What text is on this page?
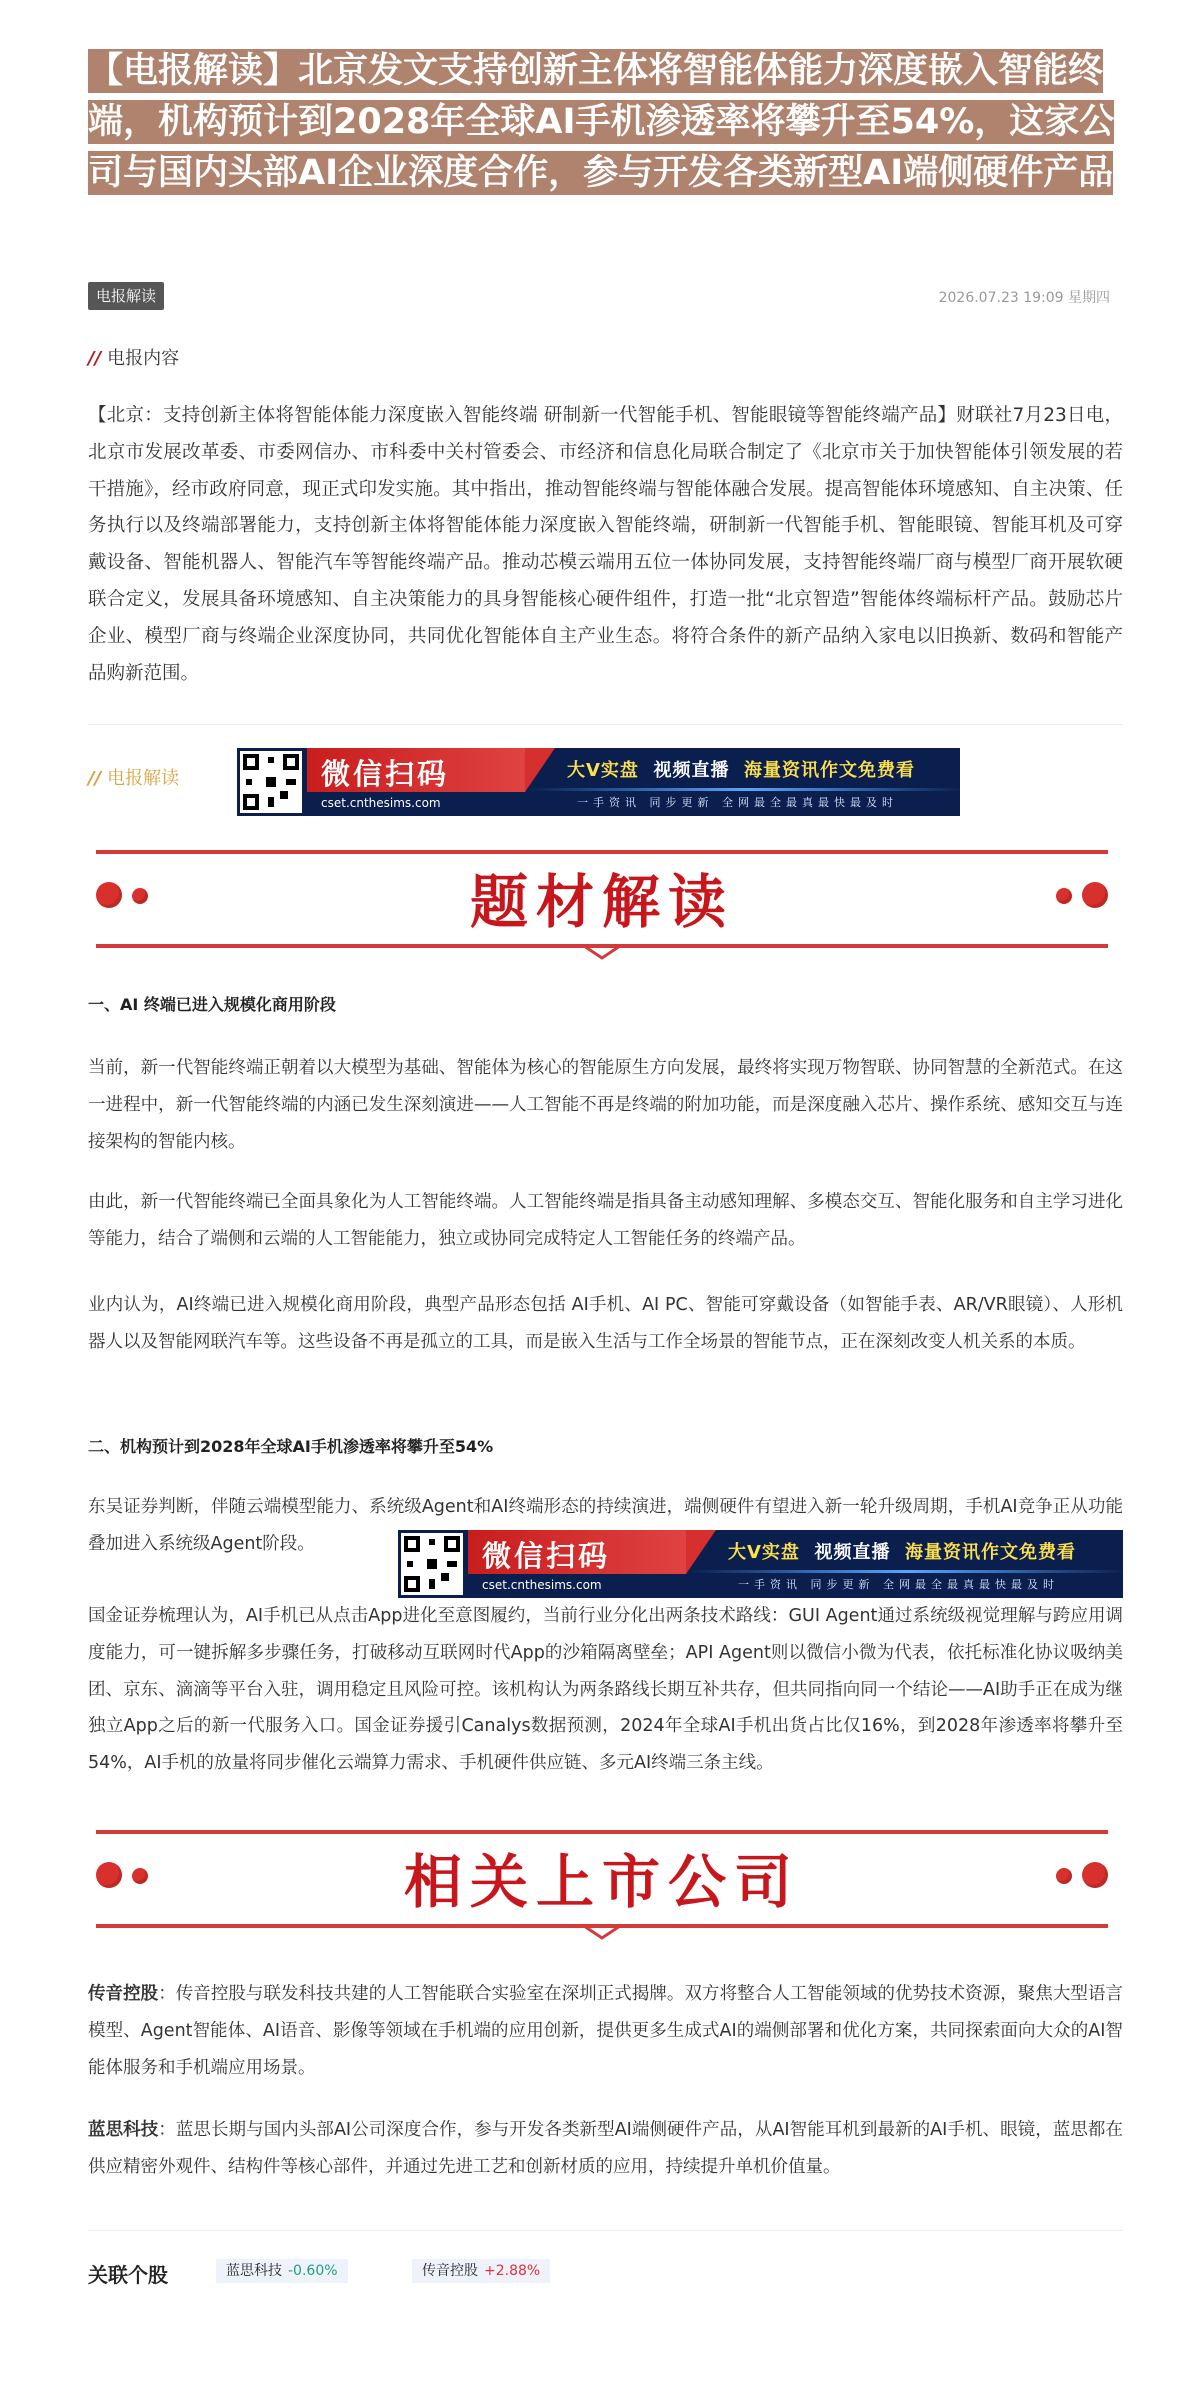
【电报解读】北京发文支持创新主体将智能体能力深度嵌入智能终端，机构预计到2028年全球AI手机渗透率将攀升至54%，这家公司与国内头部AI企业深度合作，参与开发各类新型AI端侧硬件产品
电报解读	2026.07.23 19:09 星期四
// 电报内容

【北京：支持创新主体将智能体能力深度嵌入智能终端 研制新一代智能手机、智能眼镜等智能终端产品】财联社7月23日电，北京市发展改革委、市委网信办、市科委中关村管委会、市经济和信息化局联合制定了《北京市关于加快智能体引领发展的若干措施》，经市政府同意，现正式印发实施。其中指出，推动智能终端与智能体融合发展。提高智能体环境感知、自主决策、任务执行以及终端部署能力，支持创新主体将智能体能力深度嵌入智能终端，研制新一代智能手机、智能眼镜、智能耳机及可穿戴设备、智能机器人、智能汽车等智能终端产品。推动芯模云端用五位一体协同发展，支持智能终端厂商与模型厂商开展软硬联合定义，发展具备环境感知、自主决策能力的具身智能核心硬件组件，打造一批“北京智造”智能体终端标杆产品。鼓励芯片企业、模型厂商与终端企业深度协同，共同优化智能体自主产业生态。将符合条件的新产品纳入家电以旧换新、数码和智能产品购新范围。

// 电报解读	微信扫码
cset.cnthesims.com
大V实盘 视频直播 海量资讯作文免费看
一手资讯 同步更新 全网最全最真最快最及时
题材解读
一、AI 终端已进入规模化商用阶段

当前，新一代智能终端正朝着以大模型为基础、智能体为核心的智能原生方向发展，最终将实现万物智联、协同智慧的全新范式。在这一进程中，新一代智能终端的内涵已发生深刻演进——人工智能不再是终端的附加功能，而是深度融入芯片、操作系统、感知交互与连接架构的智能内核。

由此，新一代智能终端已全面具象化为人工智能终端。人工智能终端是指具备主动感知理解、多模态交互、智能化服务和自主学习进化等能力，结合了端侧和云端的人工智能能力，独立或协同完成特定人工智能任务的终端产品。

业内认为，AI终端已进入规模化商用阶段，典型产品形态包括 AI手机、AI PC、智能可穿戴设备（如智能手表、AR/VR眼镜）、人形机器人以及智能网联汽车等。这些设备不再是孤立的工具，而是嵌入生活与工作全场景的智能节点，正在深刻改变人机关系的本质。

二、机构预计到2028年全球AI手机渗透率将攀升至54%

东吴证券判断，伴随云端模型能力、系统级Agent和AI终端形态的持续演进，端侧硬件有望进入新一轮升级周期，手机AI竞争正从功能叠加进入系统级Agent阶段。	微信扫码
cset.cnthesims.com
大V实盘 视频直播 海量资讯作文免费看
一手资讯 同步更新 全网最全最真最快最及时

国金证券梳理认为，AI手机已从点击App进化至意图履约，当前行业分化出两条技术路线：GUI Agent通过系统级视觉理解与跨应用调度能力，可一键拆解多步骤任务，打破移动互联网时代App的沙箱隔离壁垒；API Agent则以微信小微为代表，依托标准化协议吸纳美团、京东、滴滴等平台入驻，调用稳定且风险可控。该机构认为两条路线长期互补共存，但共同指向同一个结论——AI助手正在成为继独立App之后的新一代服务入口。国金证券援引Canalys数据预测，2024年全球AI手机出货占比仅16%，到2028年渗透率将攀升至54%，AI手机的放量将同步催化云端算力需求、手机硬件供应链、多元AI终端三条主线。

相关上市公司

传音控股：传音控股与联发科技共建的人工智能联合实验室在深圳正式揭牌。双方将整合人工智能领域的优势技术资源，聚焦大型语言模型、Agent智能体、AI语音、影像等领域在手机端的应用创新，提供更多生成式AI的端侧部署和优化方案，共同探索面向大众的AI智能体服务和手机端应用场景。

蓝思科技：蓝思长期与国内头部AI公司深度合作，参与开发各类新型AI端侧硬件产品，从AI智能耳机到最新的AI手机、眼镜，蓝思都在供应精密外观件、结构件等核心部件，并通过先进工艺和创新材质的应用，持续提升单机价值量。

关联个股	蓝思科技 -0.60%	传音控股 +2.88%
